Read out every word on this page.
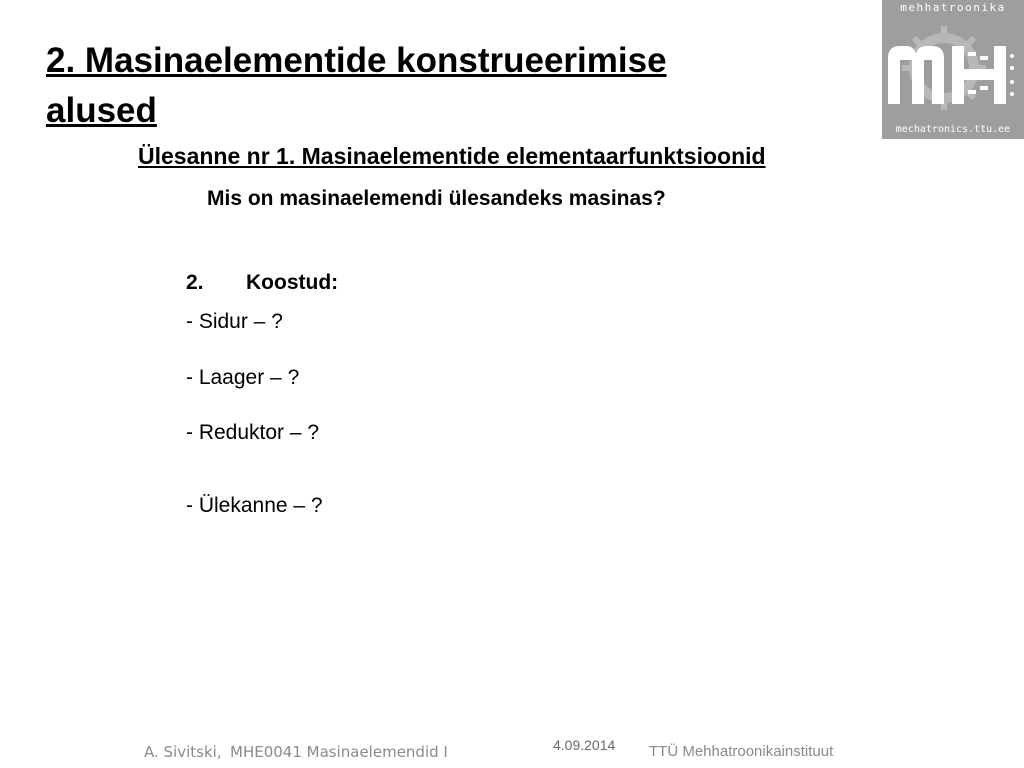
2. Masinaelementide konstrueerimise
alused
mehhatroonika
mechatronics.ttu.ee
Ülesanne nr 1. Masinaelementide elementaarfunktsioonid
Mis on masinaelemendi ülesandeks masinas?
2. Koostud:
- Sidur – ?
- Laager – ?
- Reduktor – ?
- Ülekanne – ?
A. Sivitski, MHE0041 Masinaelemendid I	4.09.2014 TTÜ Mehhatroonikainstituut
